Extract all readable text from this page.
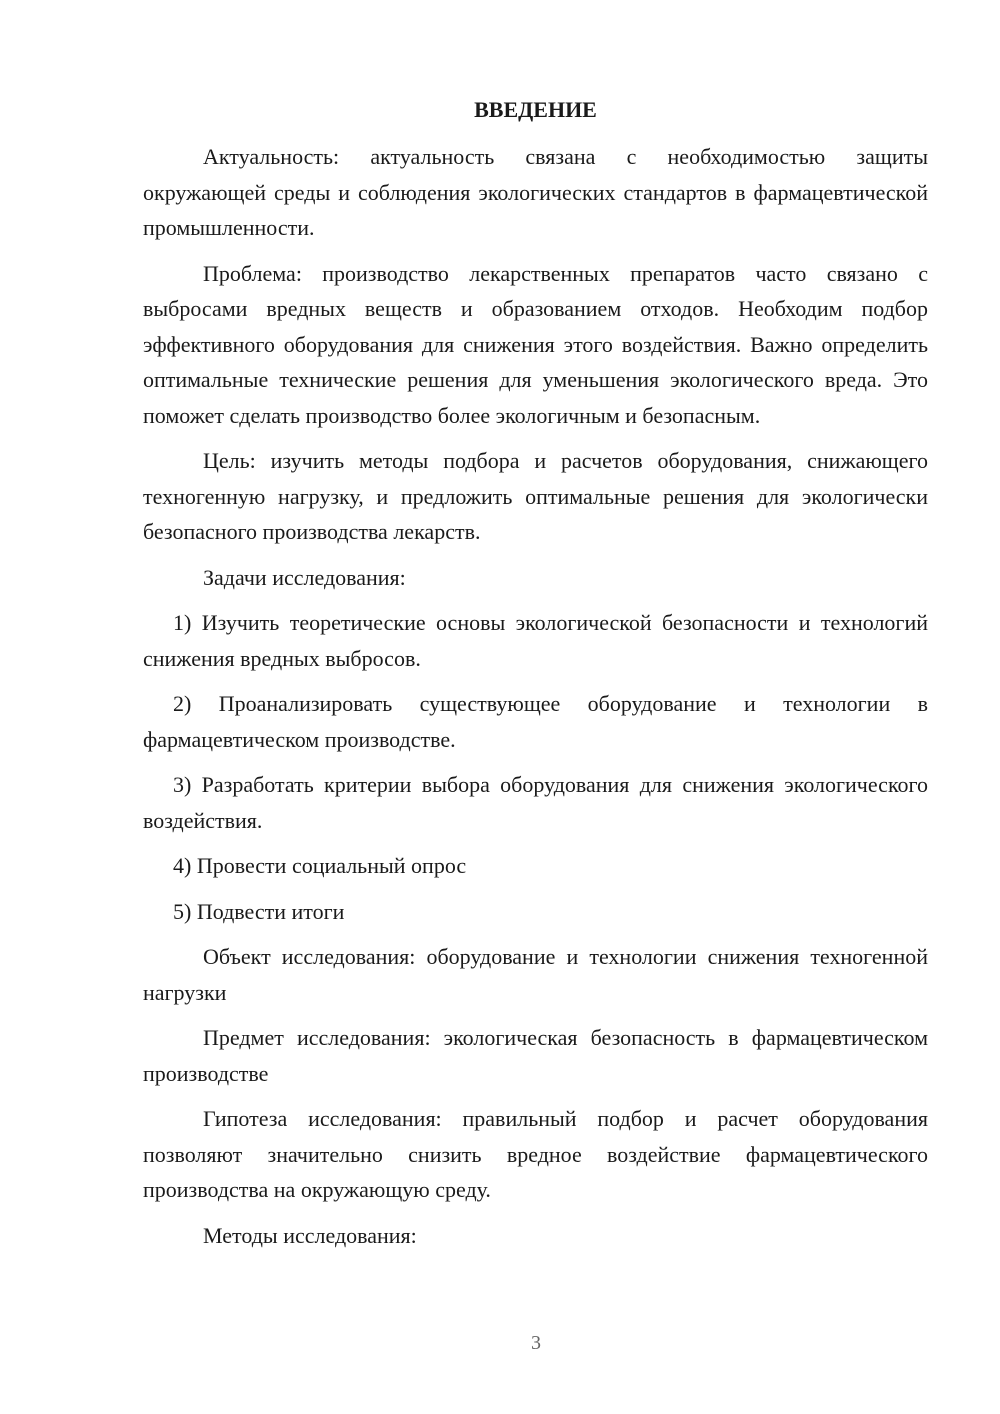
ВВЕДЕНИЕ

Актуальность: актуальность связана с необходимостью защиты окружающей среды и соблюдения экологических стандартов в фармацевтической промышленности.

Проблема: производство лекарственных препаратов часто связано с выбросами вредных веществ и образованием отходов. Необходим подбор эффективного оборудования для снижения этого воздействия. Важно определить оптимальные технические решения для уменьшения экологического вреда. Это поможет сделать производство более экологичным и безопасным.

Цель: изучить методы подбора и расчетов оборудования, снижающего техногенную нагрузку, и предложить оптимальные решения для экологически безопасного производства лекарств.

Задачи исследования:

1) Изучить теоретические основы экологической безопасности и технологий снижения вредных выбросов.

2) Проанализировать существующее оборудование и технологии в фармацевтическом производстве.

3) Разработать критерии выбора оборудования для снижения экологического воздействия.

4) Провести социальный опрос

5) Подвести итоги

Объект исследования: оборудование и технологии снижения техногенной нагрузки

Предмет исследования: экологическая безопасность в фармацевтическом производстве

Гипотеза исследования: правильный подбор и расчет оборудования позволяют значительно снизить вредное воздействие фармацевтического производства на окружающую среду.

Методы исследования:

3
